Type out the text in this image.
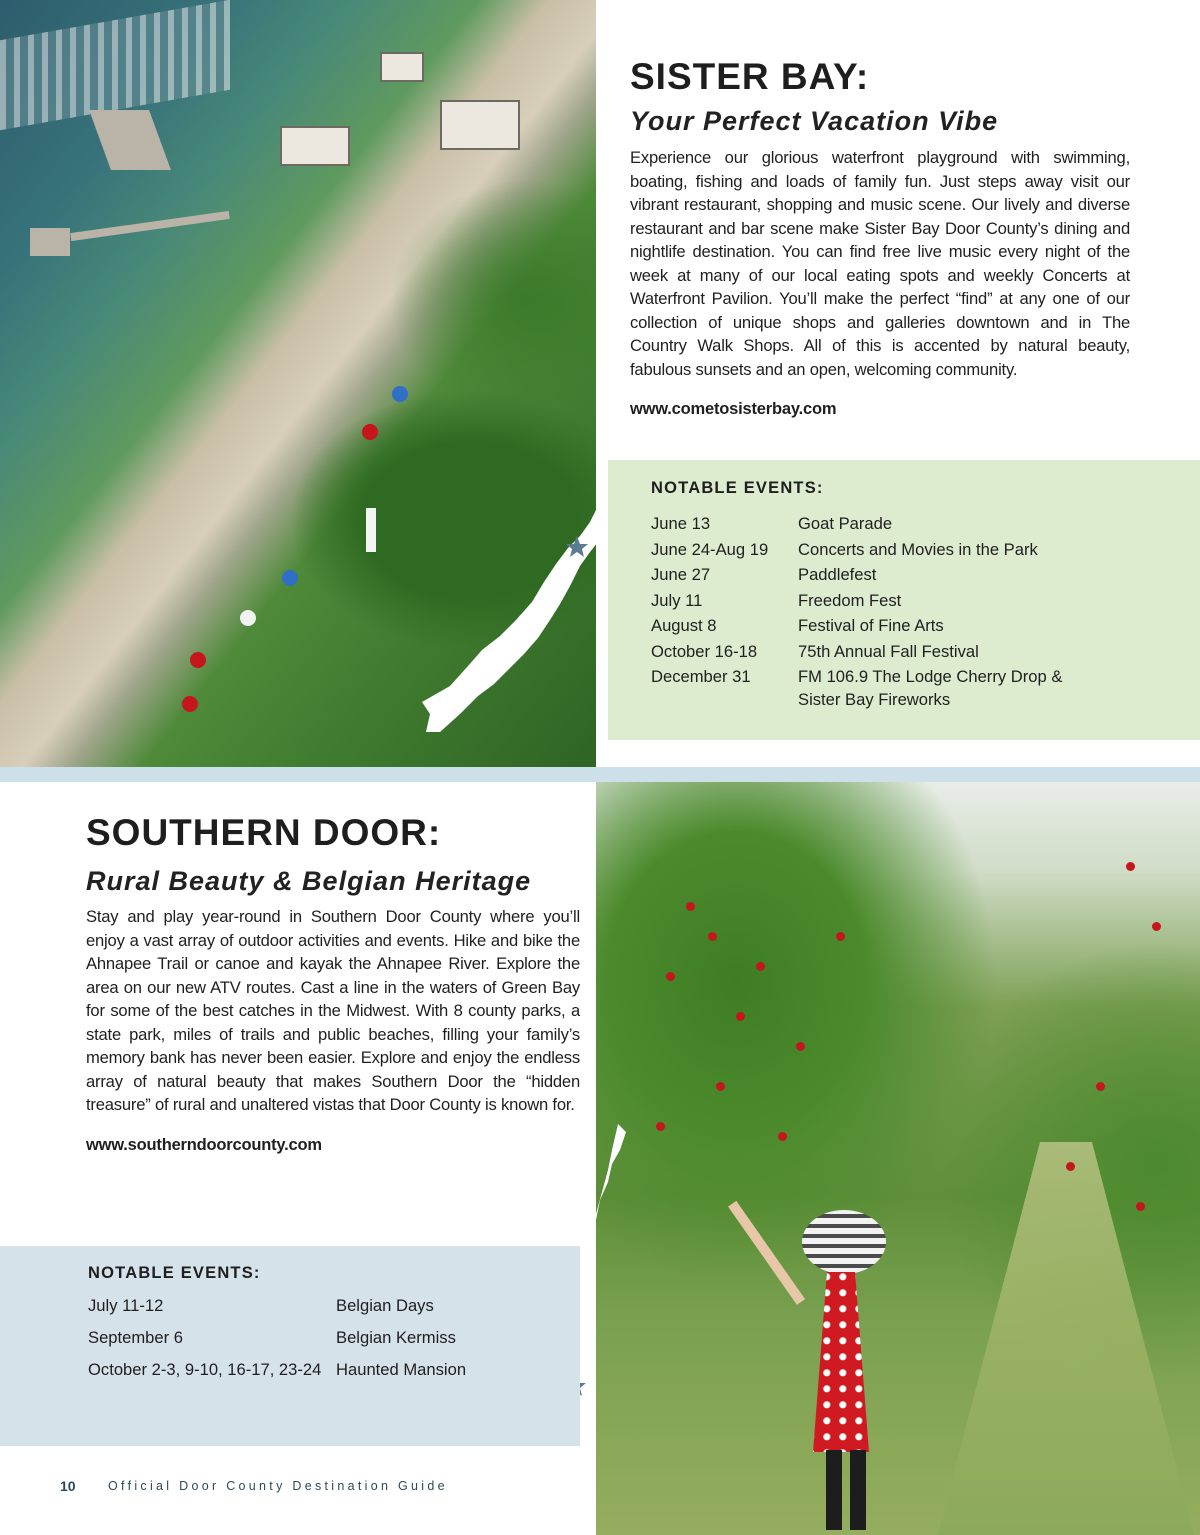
SISTER BAY:
Your Perfect Vacation Vibe

Experience our glorious waterfront playground with swimming, boating, fishing and loads of family fun. Just steps away visit our vibrant restaurant, shopping and music scene. Our lively and diverse restaurant and bar scene make Sister Bay Door County’s dining and nightlife destination. You can find free live music every night of the week at many of our local eating spots and weekly Concerts at Waterfront Pavilion. You’ll make the perfect “find” at any one of our collection of unique shops and galleries downtown and in The Country Walk Shops. All of this is accented by natural beauty, fabulous sunsets and an open, welcoming community.

www.cometosisterbay.com
NOTABLE EVENTS:
June 13	Goat Parade
June 24-Aug 19	Concerts and Movies in the Park
June 27	Paddlefest
July 11	Freedom Fest
August 8	Festival of Fine Arts
October 16-18	75th Annual Fall Festival
December 31	FM 106.9 The Lodge Cherry Drop & Sister Bay Fireworks
SOUTHERN DOOR:
Rural Beauty & Belgian Heritage

Stay and play year-round in Southern Door County where you’ll enjoy a vast array of outdoor activities and events. Hike and bike the Ahnapee Trail or canoe and kayak the Ahnapee River. Explore the area on our new ATV routes. Cast a line in the waters of Green Bay for some of the best catches in the Midwest. With 8 county parks, a state park, miles of trails and public beaches, filling your family’s memory bank has never been easier. Explore and enjoy the endless array of natural beauty that makes Southern Door the “hidden treasure” of rural and unaltered vistas that Door County is known for.

www.southerndoorcounty.com
NOTABLE EVENTS:
July 11-12	Belgian Days
September 6	Belgian Kermiss
October 2-3, 9-10, 16-17, 23-24	Haunted Mansion
10	Official Door County Destination Guide
